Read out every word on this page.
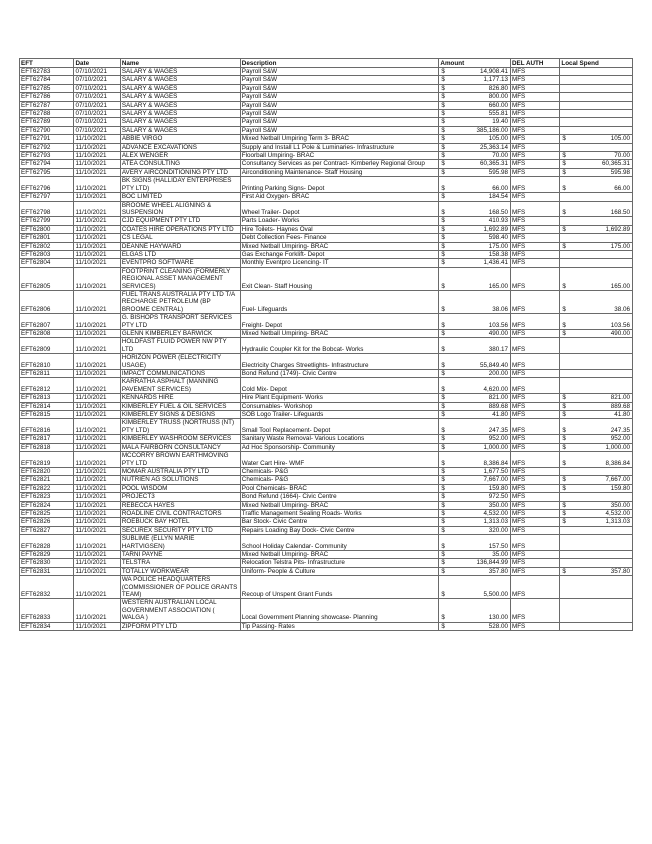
EFT	Date	Name	Description	Amount	DEL AUTH	Local Spend
EFT62783	07/10/2021	SALARY & WAGES	Payroll S&W	$ 14,908.41	MFS	
EFT62784	07/10/2021	SALARY & WAGES	Payroll S&W	$ 1,177.13	MFS	
EFT62785	07/10/2021	SALARY & WAGES	Payroll S&W	$ 826.80	MFS	
EFT62786	07/10/2021	SALARY & WAGES	Payroll S&W	$ 800.00	MFS	
EFT62787	07/10/2021	SALARY & WAGES	Payroll S&W	$ 660.00	MFS	
EFT62788	07/10/2021	SALARY & WAGES	Payroll S&W	$ 555.81	MFS	
EFT62789	07/10/2021	SALARY & WAGES	Payroll S&W	$ 19.40	MFS	
EFT62790	07/10/2021	SALARY & WAGES	Payroll S&W	$ 385,186.00	MFS	
EFT62791	11/10/2021	ABBIE VIRGO	Mixed Netball Umpiring Term 3- BRAC	$ 105.00	MFS	$ 105.00

EFT62792	11/10/2021	ADVANCE EXCAVATIONS	Supply and Install L1 Pole & Luminaries- Infrastructure	$ 25,363.14	MFS	
EFT62793	11/10/2021	ALEX WENGER	Floorball Umpiring- BRAC	$ 70.00	MFS	$ 70.00

EFT62794	11/10/2021	ATEA CONSULTING	Consultancy Services as per Contract- Kimberley Regional Group	$ 60,365.31	MFS	$ 60,365.31

EFT62795	11/10/2021	AVERY AIRCONDITIONING PTY LTD	Airconditioning Maintenance- Staff Housing	$ 595.98	MFS	$ 595.98

EFT62796	11/10/2021	BK SIGNS (HALLIDAY ENTERPRISES PTY LTD)	Printing Parking Signs- Depot	$ 66.00	MFS	$ 66.00

EFT62797	11/10/2021	BOC LIMITED	First Aid Oxygen- BRAC	$ 184.54	MFS	
EFT62798	11/10/2021	BROOME WHEEL ALIGNING & SUSPENSION	Wheel Trailer- Depot	$ 168.50	MFS	$ 168.50

EFT62799	11/10/2021	CJD EQUIPMENT PTY LTD	Parts Loader- Works	$ 410.93	MFS	
EFT62800	11/10/2021	COATES HIRE OPERATIONS PTY LTD	Hire Toilets- Haynes Oval	$ 1,692.89	MFS	$ 1,692.89

EFT62801	11/10/2021	CS LEGAL	Debt Collection Fees- Finance	$ 598.40	MFS	
EFT62802	11/10/2021	DEANNE HAYWARD	Mixed Netball Umpiring- BRAC	$ 175.00	MFS	$ 175.00

EFT62803	11/10/2021	ELGAS LTD	Gas Exchange Forklift- Depot	$ 158.38	MFS	
EFT62804	11/10/2021	EVENTPRO SOFTWARE	Monthly Eventpro Licencing- IT	$ 1,436.41	MFS	
EFT62805	11/10/2021	FOOTPRINT CLEANING (FORMERLY REGIONAL ASSET MANAGEMENT SERVICES)	Exit Clean- Staff Housing	$ 165.00	MFS	$ 165.00

EFT62806	11/10/2021	FUEL TRANS AUSTRALIA PTY LTD T/A RECHARGE PETROLEUM (BP BROOME CENTRAL)	Fuel- Lifeguards	$ 38.06	MFS	$ 38.06

EFT62807	11/10/2021	G. BISHOPS TRANSPORT SERVICES PTY LTD	Freight- Depot	$ 103.56	MFS	$ 103.56

EFT62808	11/10/2021	GLENN KIMBERLEY BARWICK	Mixed Netball Umpiring- BRAC	$ 490.00	MFS	$ 490.00

EFT62809	11/10/2021	HOLDFAST FLUID POWER NW PTY LTD	Hydraulic Coupler Kit for the Bobcat- Works	$ 380.17	MFS	
EFT62810	11/10/2021	HORIZON POWER (ELECTRICITY USAGE)	Electricity Charges Streetlights- Infrastructure	$ 55,849.40	MFS	
EFT62811	11/10/2021	IMPACT COMMUNICATIONS	Bond Refund (1749)- Civic Centre	$ 200.00	MFS	
EFT62812	11/10/2021	KARRATHA ASPHALT (MANNING PAVEMENT SERVICES)	Cold Mix- Depot	$ 4,620.00	MFS	
EFT62813	11/10/2021	KENNARDS HIRE	Hire Plant Equipment- Works	$ 821.00	MFS	$ 821.00

EFT62814	11/10/2021	KIMBERLEY FUEL & OIL SERVICES	Consumables- Workshop	$ 889.68	MFS	$ 889.68

EFT62815	11/10/2021	KIMBERLEY SIGNS & DESIGNS	SOB Logo Trailer- Lifeguards	$ 41.80	MFS	$ 41.80

EFT62816	11/10/2021	KIMBERLEY TRUSS (NORTRUSS (NT) PTY LTD)	Small Tool Replacement- Depot	$ 247.35	MFS	$ 247.35

EFT62817	11/10/2021	KIMBERLEY WASHROOM SERVICES	Sanitary Waste Removal- Various Locations	$ 952.00	MFS	$ 952.00

EFT62818	11/10/2021	MALA FAIRBORN CONSULTANCY	Ad Hoc Sponsorship- Community	$ 1,000.00	MFS	$ 1,000.00

EFT62819	11/10/2021	MCCORRY BROWN EARTHMOVING PTY LTD	Water Cart Hire- WMF	$ 8,386.84	MFS	$ 8,386.84

EFT62820	11/10/2021	MOMAR AUSTRALIA PTY LTD	Chemicals- P&G	$ 1,677.50	MFS	
EFT62821	11/10/2021	NUTRIEN AG SOLUTIONS	Chemicals- P&G	$ 7,667.00	MFS	$ 7,667.00

EFT62822	11/10/2021	POOL WISDOM	Pool Chemicals- BRAC	$ 159.80	MFS	$ 159.80

EFT62823	11/10/2021	PROJECT3	Bond Refund (1664)- Civic Centre	$ 972.50	MFS	
EFT62824	11/10/2021	REBECCA HAYES	Mixed Netball Umpiring- BRAC	$ 350.00	MFS	$ 350.00

EFT62825	11/10/2021	ROADLINE CIVIL CONTRACTORS	Traffic Management Sealing Roads- Works	$ 4,532.00	MFS	$ 4,532.00

EFT62826	11/10/2021	ROEBUCK BAY HOTEL	Bar Stock- Civic Centre	$ 1,313.03	MFS	$ 1,313.03

EFT62827	11/10/2021	SECUREX SECURITY PTY LTD	Repairs Loading Bay Dock- Civic Centre	$ 320.00	MFS	
EFT62828	11/10/2021	SUBLIME (ELLYN MARIE HARTVIGSEN)	School Holiday Calendar- Community	$ 157.50	MFS	
EFT62829	11/10/2021	TARNI PAYNE	Mixed Netball Umpiring- BRAC	$ 35.00	MFS	
EFT62830	11/10/2021	TELSTRA	Relocation Telstra Pits- Infrastructure	$ 136,844.99	MFS	
EFT62831	11/10/2021	TOTALLY WORKWEAR	Uniform- People & Culture	$ 357.80	MFS	$ 357.80

EFT62832	11/10/2021	WA POLICE HEADQUARTERS (COMMISSIONER OF POLICE GRANTS TEAM)	Recoup of Unspent Grant Funds	$ 5,500.00	MFS	
EFT62833	11/10/2021	WESTERN AUSTRALIAN LOCAL GOVERNMENT ASSOCIATION ( WALGA )	Local Government Planning showcase- Planning	$ 130.00	MFS	
EFT62834	11/10/2021	ZIPFORM PTY LTD	Tip Passing- Rates	$ 528.00	MFS	
